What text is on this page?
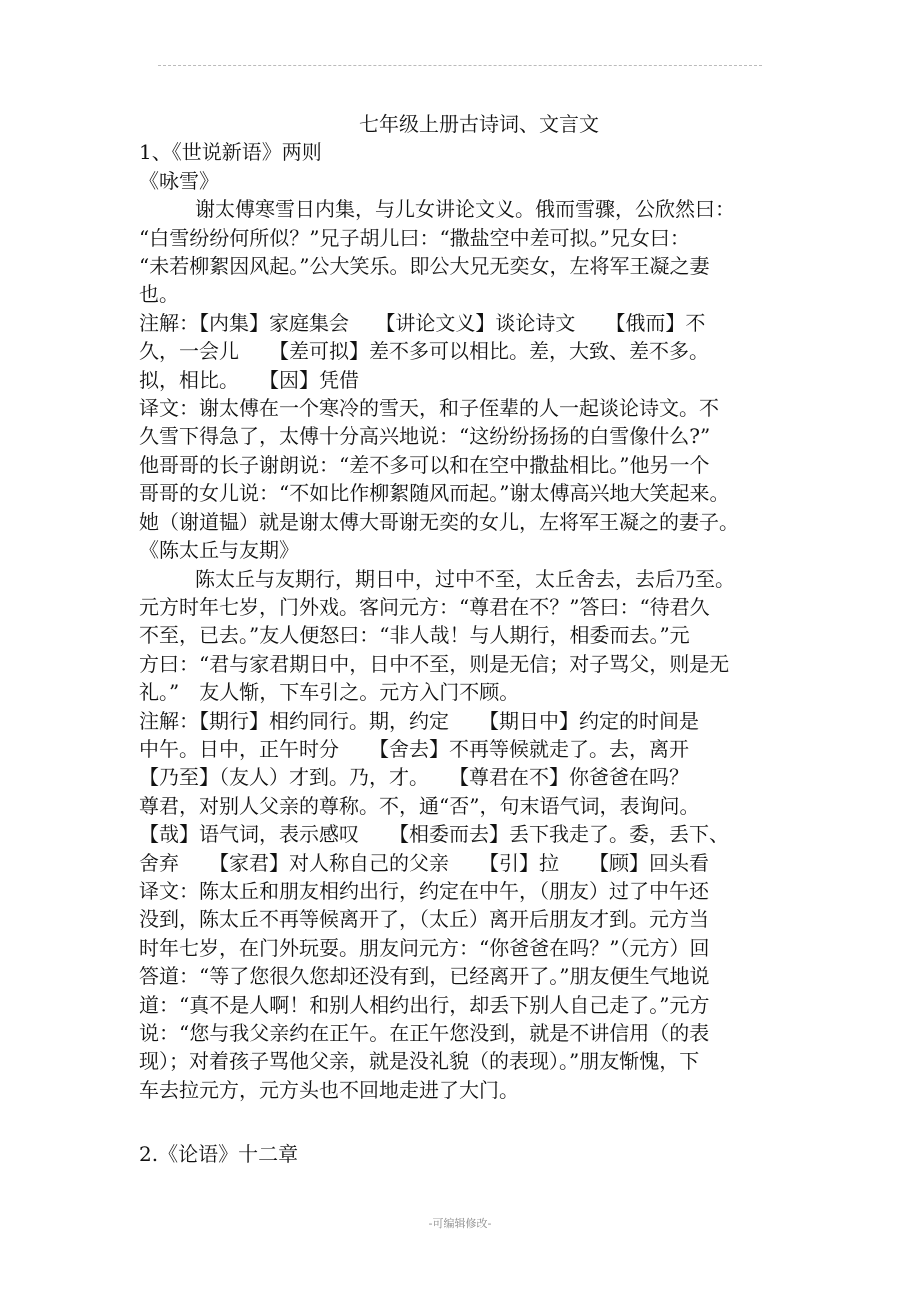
七年级上册古诗词、文言文

1、《世说新语》两则

《咏雪》

谢太傅寒雪日内集，与儿女讲论文义。俄而雪骤，公欣然曰：

“白雪纷纷何所似？”兄子胡儿曰：“撒盐空中差可拟。”兄女曰：

“未若柳絮因风起。”公大笑乐。即公大兄无奕女，左将军王凝之妻

也。

注解：【内集】家庭集会　 【讲论文义】谈论诗文　　【俄而】不

久，一会儿　　【差可拟】差不多可以相比。差，大致、差不多。

拟，相比。　　【因】凭借

译文：谢太傅在一个寒冷的雪天，和子侄辈的人一起谈论诗文。不

久雪下得急了，太傅十分高兴地说：“这纷纷扬扬的白雪像什么?”

他哥哥的长子谢朗说：“差不多可以和在空中撒盐相比。”他另一个

哥哥的女儿说：“不如比作柳絮随风而起。”谢太傅高兴地大笑起来。

她（谢道韫）就是谢太傅大哥谢无奕的女儿，左将军王凝之的妻子。

《陈太丘与友期》

陈太丘与友期行，期日中，过中不至，太丘舍去，去后乃至。

元方时年七岁，门外戏。客问元方：“尊君在不？”答曰：“待君久

不至，已去。”友人便怒曰：“非人哉！与人期行，相委而去。”元

方曰：“君与家君期日中，日中不至，则是无信；对子骂父，则是无

礼。”　友人惭，下车引之。元方入门不顾。

注解：【期行】相约同行。期，约定　　【期日中】约定的时间是

中午。日中，正午时分　　【舍去】不再等候就走了。去，离开

【乃至】（友人）才到。乃，才。　　【尊君在不】你爸爸在吗？

尊君，对别人父亲的尊称。不，通“否”，句末语气词，表询问。

【哉】语气词，表示感叹　　【相委而去】丢下我走了。委，丢下、

舍弃　　【家君】对人称自己的父亲　　【引】拉　　【顾】回头看

译文：陈太丘和朋友相约出行，约定在中午，（朋友）过了中午还

没到，陈太丘不再等候离开了，（太丘）离开后朋友才到。元方当

时年七岁，在门外玩耍。朋友问元方：“你爸爸在吗？”（元方）回

答道：“等了您很久您却还没有到，已经离开了。”朋友便生气地说

道：“真不是人啊！和别人相约出行，却丢下别人自己走了。”元方

说：“您与我父亲约在正午。在正午您没到，就是不讲信用（的表

现）；对着孩子骂他父亲，就是没礼貌（的表现）。”朋友惭愧，下

车去拉元方，元方头也不回地走进了大门。

2.《论语》十二章

-可编辑修改-
